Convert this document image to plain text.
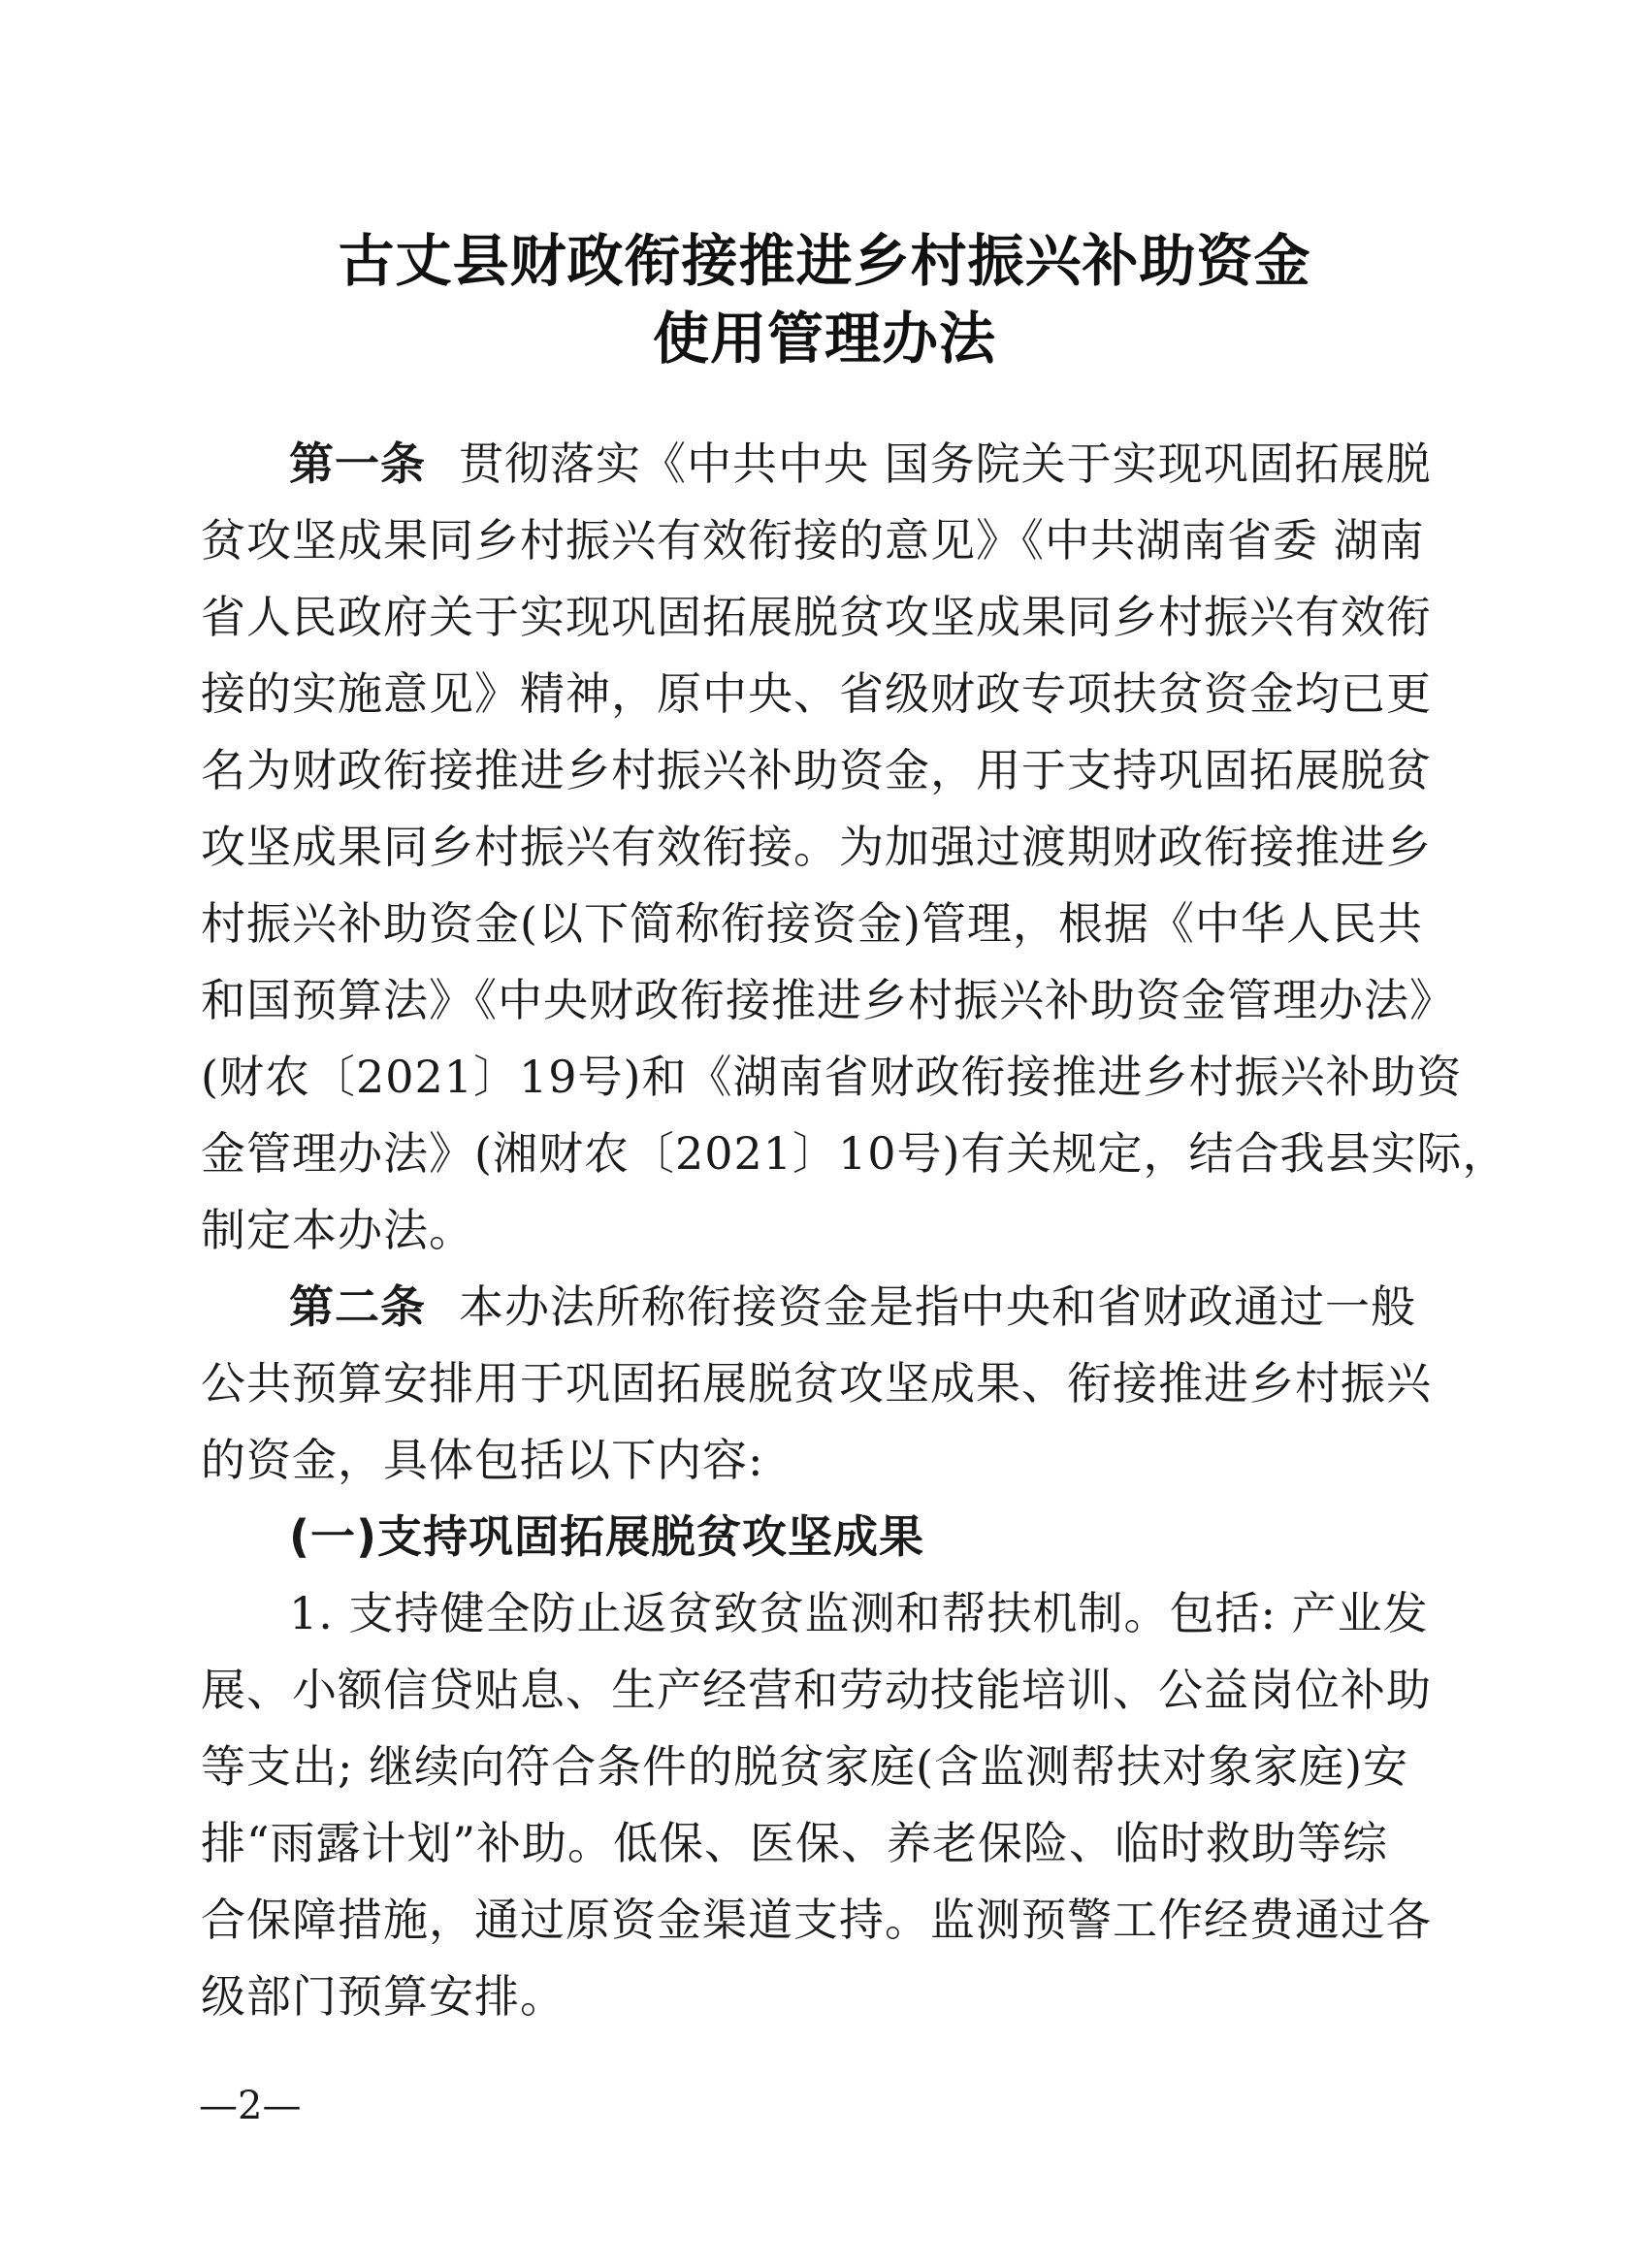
古丈县财政衔接推进乡村振兴补助资金
使用管理办法

第一条 贯彻落实《中共中央 国务院关于实现巩固拓展脱

贫攻坚成果同乡村振兴有效衔接的意见》《中共湖南省委 湖南

省人民政府关于实现巩固拓展脱贫攻坚成果同乡村振兴有效衔

接的实施意见》精神，原中央、省级财政专项扶贫资金均已更

名为财政衔接推进乡村振兴补助资金，用于支持巩固拓展脱贫

攻坚成果同乡村振兴有效衔接。为加强过渡期财政衔接推进乡

村振兴补助资金(以下简称衔接资金)管理，根据《中华人民共

和国预算法》《中央财政衔接推进乡村振兴补助资金管理办法》

(财农〔2021〕19号)和《湖南省财政衔接推进乡村振兴补助资

金管理办法》(湘财农〔2021〕10号)有关规定，结合我县实际，

制定本办法。

第二条 本办法所称衔接资金是指中央和省财政通过一般

公共预算安排用于巩固拓展脱贫攻坚成果、衔接推进乡村振兴

的资金，具体包括以下内容:

(一)支持巩固拓展脱贫攻坚成果

1. 支持健全防止返贫致贫监测和帮扶机制。包括: 产业发

展、小额信贷贴息、生产经营和劳动技能培训、公益岗位补助

等支出; 继续向符合条件的脱贫家庭(含监测帮扶对象家庭)安

排“雨露计划”补助。低保、医保、养老保险、临时救助等综

合保障措施，通过原资金渠道支持。监测预警工作经费通过各

级部门预算安排。

—2—
